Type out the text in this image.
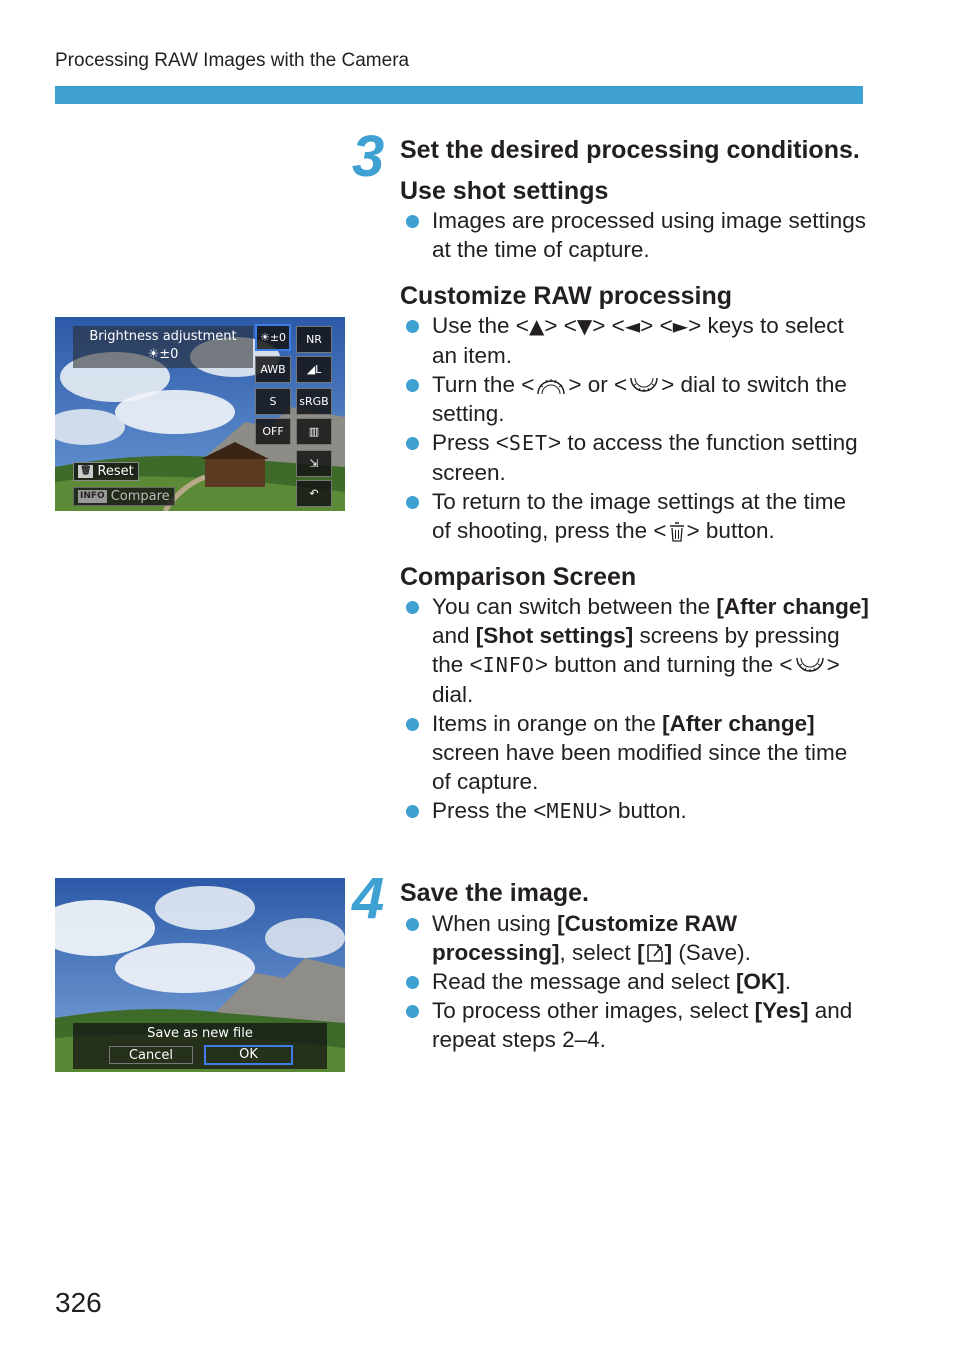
Processing RAW Images with the Camera
3 Set the desired processing conditions.

Use shot settings

Images are processed using image settings at the time of capture.

Customize RAW processing

Use the <▲> <▼> <◄> <►> keys to select an item.
Turn the < > or < > dial to switch the setting.
Press <SET> to access the function setting screen.
To return to the image settings at the time of shooting, press the < > button.

Comparison Screen

You can switch between the [After change] and [Shot settings] screens by pressing the <INFO> button and turning the < > dial.
Items in orange on the [After change] screen have been modified since the time of capture.
Press the <MENU> button.
Brightness adjustment
☀±0
☀±0	NR
AWB	◢L
S	sRGB
OFF	▥
⇲
↶
🗑 Reset
INFO Compare
4 Save the image.

When using [Customize RAW processing], select [ ] (Save).
Read the message and select [OK].
To process other images, select [Yes] and repeat steps 2–4.
Save as new file
Cancel	OK
326
